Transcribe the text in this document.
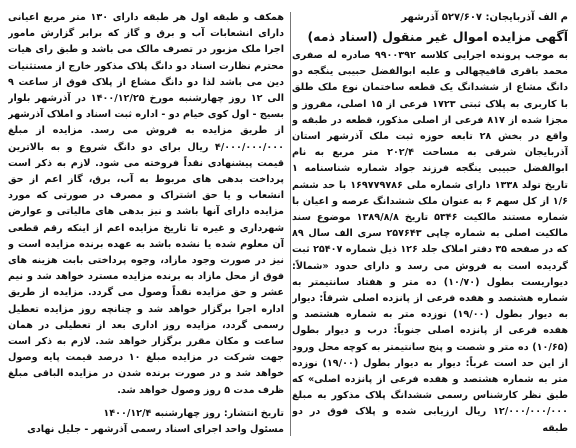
م الف آذربایجان: ۵۲۷/۶۰۷ آذرشهر

آگهی مزایده اموال غیر منقول (اسناد ذمه)

به موجب پرونده اجرایی کلاسه ۹۹۰۰۳۹۲ صادره له صفری محمد باقری قافیچهالی و علیه ابوالفضل حبیبی ینگجه دو دانگ مشاع از ششدانگ یک قطعه ساختمان نوع ملک طلق با کاربری به پلاک ثبتی ۱۷۲۳ فرعی از ۱۵ اصلی، مفروز و مجزا شده از ۸۱۷ فرعی از اصلی مذکور، قطعه در طبقه و واقع در بخش ۲۸ تابعه حوزه ثبت ملک آذرشهر استان آذربایجان شرقی به مساحت ۲۰۲/۴ متر مربع به نام ابوالفضل حبیبی ینگجه فرزند جواد شماره شناسنامه ۱ تاریخ تولد ۱۳۳۸ دارای شماره ملی ۱۶۹۷۷۹۷۸۶ با حد ششم ۱/۶ از کل سهم ۶ به عنوان ملک ششدانگ عرصه و اعیان با شماره مستند مالکیت ۵۳۴۶ تاریخ ۱۳۸۹/۸/۸ موضوع سند مالکیت اصلی به شماره چاپی ۲۵۷۶۴۳ سری الف سال ۸۹ که در صفحه ۳۵ دفتر املاک جلد ۱۲۶ ذیل شماره ۲۵۴۰۷ ثبت گردیده است به فروش می رسد و دارای حدود «شمالاً: دیواریست بطول (۱۰/۷۰) ده متر و هفتاد سانتیمتر به شماره هشتصد و هفده فرعی از پانزده اصلی شرقاً: دیوار به دیوار بطول (۱۹/۰۰) نوزده متر به شماره هشتصد و هفده فرعی از پانزده اصلی جنوباً: درب و دیوار بطول (۱۰/۶۵) ده متر و شصت و پنج سانتیمتر به کوچه محل ورود از این حد است غرباً: دیوار به دیوار بطول (۱۹/۰۰) نوزده متر به شماره هشتصد و هفده فرعی از پانزده اصلی» که طبق نظر کارشناس رسمی ششدانگ پلاک مذکور به مبلغ ۱۲/۰۰۰/۰۰۰/۰۰۰ ریال ارزیابی شده و پلاک فوق در دو طبقه

همکف و طبقه اول هر طبقه دارای ۱۳۰ متر مربع اعیانی دارای انشعابات آب و برق و گاز که برابر گزارش مامور اجرا ملک مزبور در تصرف مالک می باشد و طبق رای هیات محترم نظارت اسناد دو دانگ پلاک مذکور خارج از مستثنیات دین می باشد لذا دو دانگ مشاع از پلاک فوق از ساعت ۹ الی ۱۲ روز چهارشنبه مورخ ۱۴۰۰/۱۲/۲۵ در آذرشهر بلوار بسیج - اول کوی خیام دو - اداره ثبت اسناد و املاک آذرشهر از طریق مزایده به فروش می رسد. مزایده از مبلغ ۴/۰۰۰/۰۰۰/۰۰۰ ریال برای دو دانگ شروع و به بالاترین قیمت پیشنهادی نقداً فروخته می شود. لازم به ذکر است پرداخت بدهی های مربوط به آب، برق، گاز اعم از حق انشعاب و یا حق اشتراک و مصرف در صورتی که مورد مزایده دارای آنها باشد و نیز بدهی های مالیاتی و عوارض شهرداری و غیره تا تاریخ مزایده اعم از اینکه رقم قطعی آن معلوم شده یا نشده باشد به عهده برنده مزایده است و نیز در صورت وجود مازاد، وجوه پرداختی بابت هزینه های فوق از محل مازاد به برنده مزایده مسترد خواهد شد و نیم عشر و حق مزایده نقداً وصول می گردد. مزایده از طریق اداره اجرا برگزار خواهد شد و چنانچه روز مزایده تعطیل رسمی گردد، مزایده روز اداری بعد از تعطیلی در همان ساعت و مکان مقرر برگزار خواهد شد. لازم به ذکر است جهت شرکت در مزایده مبلغ ۱۰ درصد قیمت پایه وصول خواهد شد و در صورت برنده شدن در مزایده الباقی مبلغ ظرف مدت ۵ روز وصول خواهد شد.

تاریخ انتشار: روز چهارشنبه ۱۴۰۰/۱۲/۴

مسئول واحد اجرای اسناد رسمی آذرشهر - جلیل نهادی
